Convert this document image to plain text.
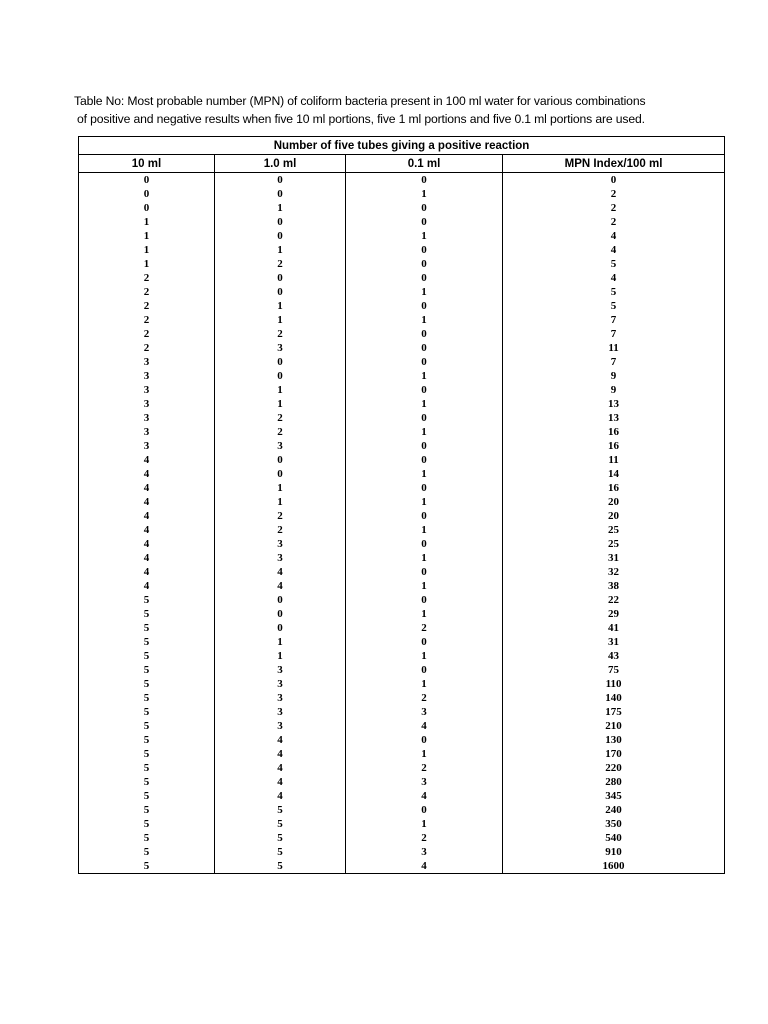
Table No: Most probable number (MPN) of coliform bacteria present in 100 ml water for various combinations
of positive and negative results when five 10 ml portions, five 1 ml portions and five 0.1 ml portions are used.
Number of five tubes giving a positive reaction			
10 ml	1.0 ml	0.1 ml	MPN Index/100 ml
0	0	0	0
0	0	1	2
0	1	0	2
1	0	0	2
1	0	1	4
1	1	0	4
1	2	0	5
2	0	0	4
2	0	1	5
2	1	0	5
2	1	1	7
2	2	0	7
2	3	0	11
3	0	0	7
3	0	1	9
3	1	0	9
3	1	1	13
3	2	0	13
3	2	1	16
3	3	0	16
4	0	0	11
4	0	1	14
4	1	0	16
4	1	1	20
4	2	0	20
4	2	1	25
4	3	0	25
4	3	1	31
4	4	0	32
4	4	1	38
5	0	0	22
5	0	1	29
5	0	2	41
5	1	0	31
5	1	1	43
5	3	0	75
5	3	1	110
5	3	2	140
5	3	3	175
5	3	4	210
5	4	0	130
5	4	1	170
5	4	2	220
5	4	3	280
5	4	4	345
5	5	0	240
5	5	1	350
5	5	2	540
5	5	3	910
5	5	4	1600
